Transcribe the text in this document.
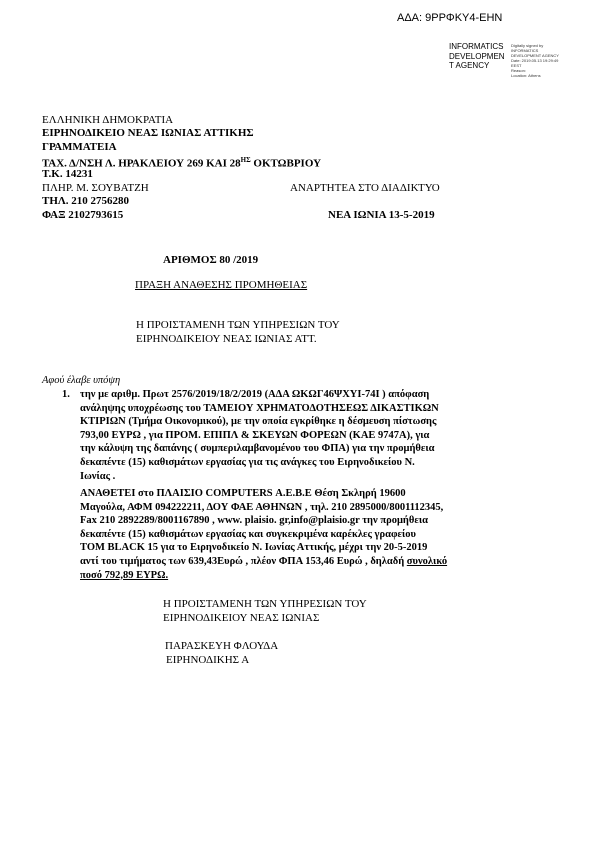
ΑΔΑ: 9ΡΡΦΚΥ4-ΕΗΝ
INFORMATICS
DEVELOPMEN
T AGENCY
Digitally signed by
INFORMATICS
DEVELOPMENT AGENCY
Date: 2019.05.13 19:29:49
EEST
Reason:
Location: Athens
ΕΛΛΗΝΙΚΗ ΔΗΜΟΚΡΑΤΙΑ
ΕΙΡΗΝΟΔΙΚΕΙΟ ΝΕΑΣ ΙΩΝΙΑΣ ΑΤΤΙΚΗΣ
ΓΡΑΜΜΑΤΕΙΑ
ΤΑΧ. Δ/ΝΣΗ Λ. ΗΡΑΚΛΕΙΟΥ 269 ΚΑΙ $28^{H\Sigma}$ ΟΚΤΩΒΡΙΟΥ
Τ.Κ. 14231
ΠΛΗΡ. Μ. ΣΟΥΒΑΤΖΗ
ΤΗΛ. 210 2756280
ΦΑΞ 2102793615
ΑΝΑΡΤΗΤΕΑ ΣΤΟ ΔΙΑΔΙΚΤΥΟ
ΝΕΑ ΙΩΝΙΑ 13-5-2019
ΑΡΙΘΜΟΣ 80 /2019
ΠΡΑΞΗ ΑΝΑΘΕΣΗΣ ΠΡΟΜΗΘΕΙΑΣ
Η ΠΡΟΙΣΤΑΜΕΝΗ ΤΩΝ ΥΠΗΡΕΣΙΩΝ ΤΟΥ
ΕΙΡΗΝΟΔΙΚΕΙΟΥ ΝΕΑΣ ΙΩΝΙΑΣ ΑΤΤ.
Αφού έλαβε υπόψη
1. την με αριθμ. Πρωτ 2576/2019/18/2/2019 (ΑΔΑ ΩΚΩΓ46ΨΧΥΙ-74Ι ) απόφαση

ανάληψης υποχρέωσης του ΤΑΜΕΙΟΥ ΧΡΗΜΑΤΟΔΟΤΗΣΕΩΣ ΔΙΚΑΣΤΙΚΩΝ

ΚΤΙΡΙΩΝ (Τμήμα Οικονομικού), με την οποία εγκρίθηκε η δέσμευση πίστωσης

793,00 ΕΥΡΩ , για ΠΡΟΜ. ΕΠΙΠΛ & ΣΚΕΥΩΝ ΦΟΡΕΩΝ (ΚΑΕ 9747Α), για

την κάλυψη της δαπάνης ( συμπεριλαμβανομένου του ΦΠΑ) για την προμήθεια

δεκαπέντε (15) καθισμάτων εργασίας για τις ανάγκες του Ειρηνοδικείου Ν.

Ιωνίας .

ΑΝΑΘΕΤΕΙ στο ΠΛΑΙΣΙΟ COMPUTERS Α.Ε.Β.Ε Θέση Σκληρή 19600

Μαγούλα, ΑΦΜ 094222211, ΔΟΥ ΦΑΕ ΑΘΗΝΩΝ , τηλ. 210 2895000/8001112345,

Fax 210 2892289/8001167890 , www. plaisio. gr,info@plaisio.gr την προμήθεια

δεκαπέντε (15) καθισμάτων εργασίας και συγκεκριμένα καρέκλες γραφείου

TOM BLACK 15 για το Ειρηνοδικείο Ν. Ιωνίας Αττικής, μέχρι την 20-5-2019

αντί του τιμήματος των 639,43Ευρώ , πλέον ΦΠΑ 153,46 Ευρώ , δηλαδή συνολικό

ποσό 792,89 ΕΥΡΩ.

Η ΠΡΟΙΣΤΑΜΕΝΗ ΤΩΝ ΥΠΗΡΕΣΙΩΝ ΤΟΥ
ΕΙΡΗΝΟΔΙΚΕΙΟΥ ΝΕΑΣ ΙΩΝΙΑΣ
ΠΑΡΑΣΚΕΥΗ ΦΛΟΥΔΑ
ΕΙΡΗΝΟΔΙΚΗΣ Α
